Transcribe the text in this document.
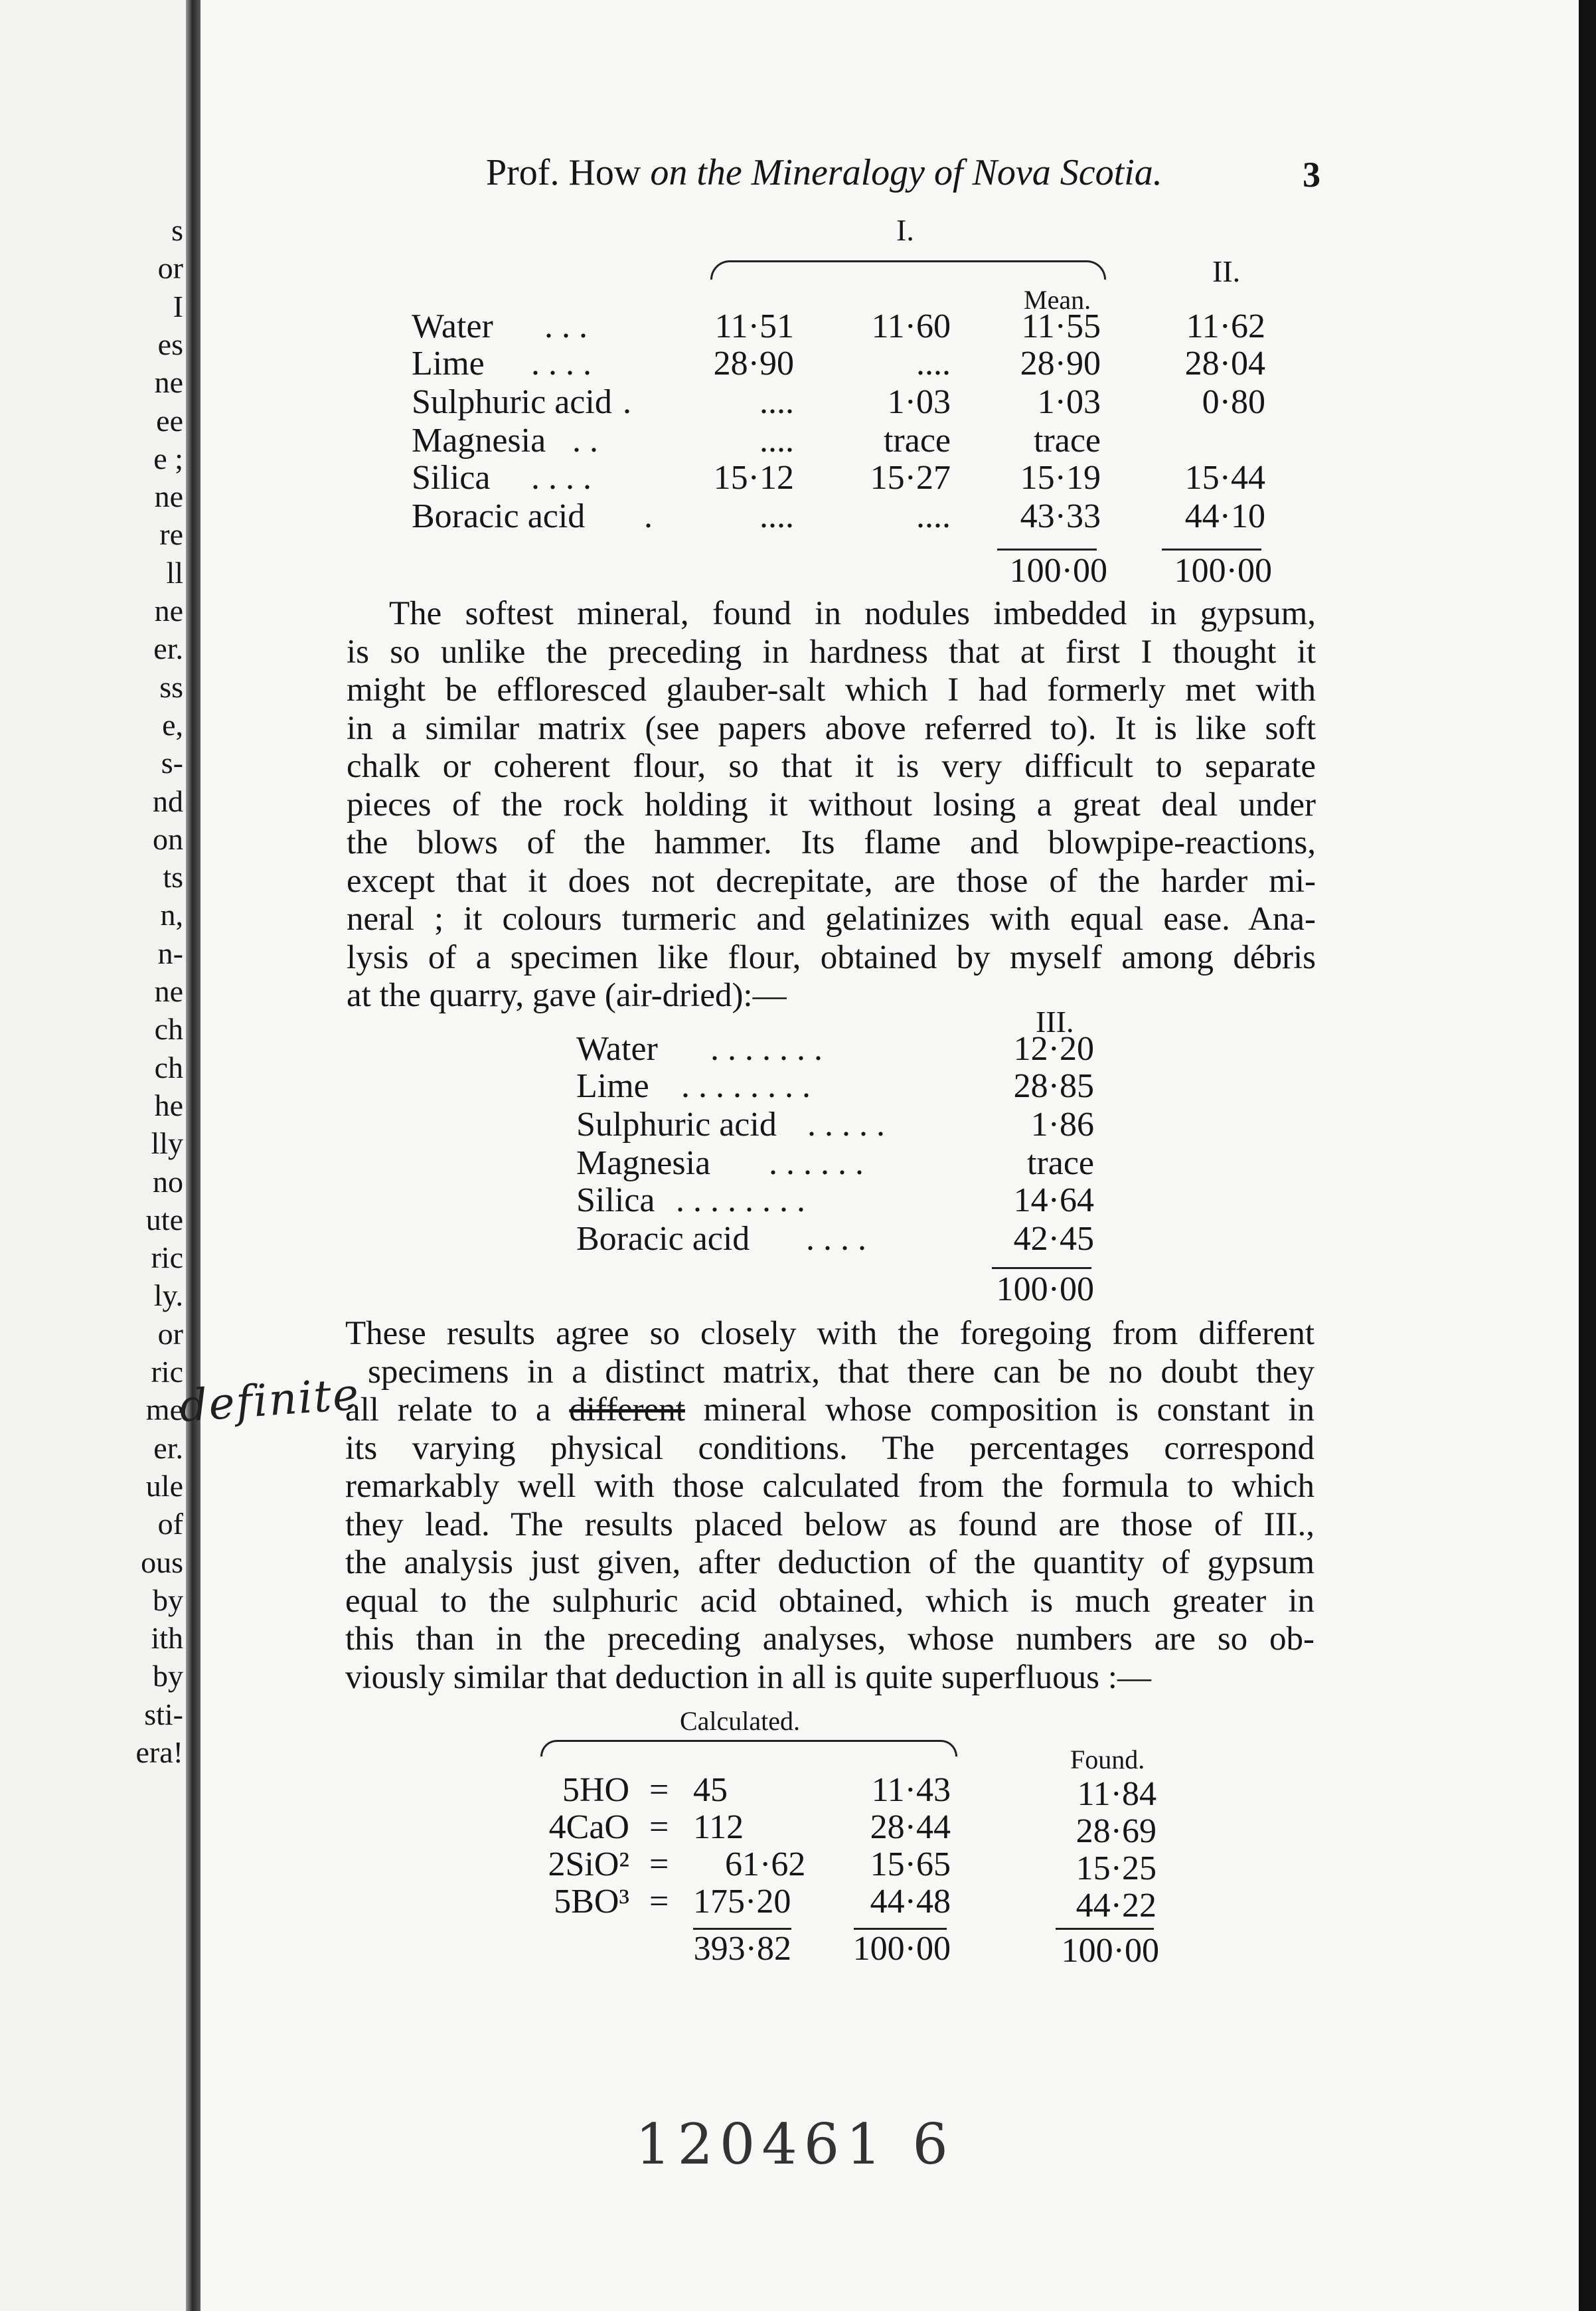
s
or
I
es
ne
ee
e ;
ne
re
ll
ne
er.
ss
e,
s-
nd
on
ts
n,
n-
ne
ch
ch
he
lly
no
ute
ric
ly.
or
ric
me
er.
ule
of
ous
by
ith
by
sti-
era!
Prof. How on the Mineralogy of Nova Scotia.	3
I.
II.
Mean.
Water . . .	11·51	11·60	11·55	11·62
Lime . . . .	28·90	....	28·90	28·04
Sulphuric acid .	....	1·03	1·03	0·80
Magnesia . .	....	trace	trace
Silica . . . .	15·12	15·27	15·19	15·44
Boracic acid .	....	....	43·33	44·10
100·00	100·00
The softest mineral, found in nodules imbedded in gypsum,
is so unlike the preceding in hardness that at first I thought it
might be effloresced glauber-salt which I had formerly met with
in a similar matrix (see papers above referred to). It is like soft
chalk or coherent flour, so that it is very difficult to separate
pieces of the rock holding it without losing a great deal under
the blows of the hammer. Its flame and blowpipe-reactions,
except that it does not decrepitate, are those of the harder mi-
neral ; it colours turmeric and gelatinizes with equal ease. Ana-
lysis of a specimen like flour, obtained by myself among débris
at the quarry, gave (air-dried):—
III.
Water . . . . . . .	12·20
Lime . . . . . . . .	28·85
Sulphuric acid . . . . .	1·86
Magnesia . . . . . .	trace
Silica . . . . . . . .	14·64
Boracic acid . . . .	42·45
100·00
These results agree so closely with the foregoing from different
specimens in a distinct matrix, that there can be no doubt they
all relate to a different mineral whose composition is constant in
its varying physical conditions. The percentages correspond
remarkably well with those calculated from the formula to which
they lead. The results placed below as found are those of III.,
the analysis just given, after deduction of the quantity of gypsum
equal to the sulphuric acid obtained, which is much greater in
this than in the preceding analyses, whose numbers are so ob-
viously similar that deduction in all is quite superfluous :—
definite
Calculated.
Found.
5HO = 45	11·43	11·84
4CaO = 112	28·44	28·69
2SiO² = 61·62	15·65	15·25
5BO³ = 175·20	44·48	44·22
393·82	100·00	100·00
120461 6
